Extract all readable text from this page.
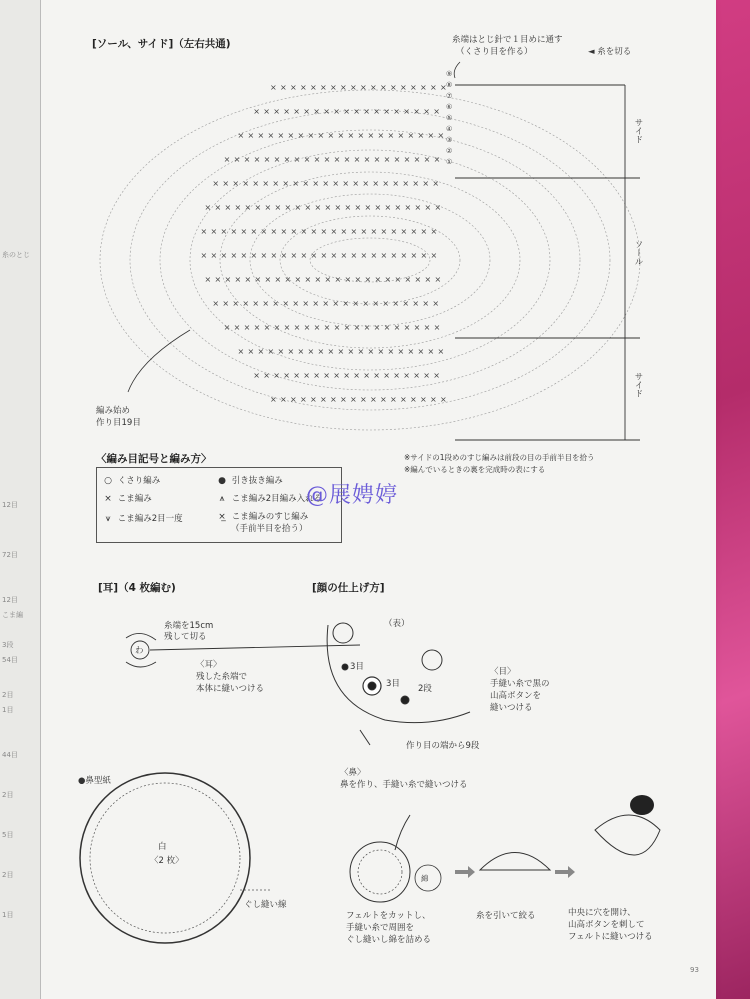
糸のとじ
12目
72目
12目
こま編
3段
54目
2目
1目
44目
2目
5目
2目
1目
× × × × × × × × × × × × × × × × × ×
× × × × × × × × × × × × × × × × × × ×
× × × × × × × × × × × × × × × × × × × × ×
× × × × × × × × × × × × × × × × × × × × × ×
× × × × × × × × × × × × × × × × × × × × × × ×
× × × × × × × × × × × × × × × × × × × × × × × ×
× × × × × × × × × × × × × × × × × × × × × × × ×
× × × × × × × × × × × × × × × × × × × × × × × ×
× × × × × × × × × × × × × × × × × × × × × × × ×
× × × × × × × × × × × × × × × × × × × × × × ×
× × × × × × × × × × × × × × × × × × × × × ×
× × × × × × × × × × × × × × × × × × × × ×
× × × × × × × × × × × × × × × × × × ×
× × × × × × × × × × × × × × × × × ×
⑨
⑧
⑦
⑥
⑤
④
③
②
①
[ソール、サイド]（左右共通)	糸端はとじ針で１目めに通す
（くさり目を作る）	◄ 糸を切る
サイド
ソール
サイド
編み始め
作り目19目
※サイドの1段めのすじ編みは前段の目の手前半目を拾う
※編んでいるときの裏を完成時の表にする
〈編み目記号と編み方〉
○ くさり編み	● 引き抜き編み
× こま編み	⩚ こま編み2目編み入れる
⩛ こま編み2目一度	×̲ こま編みのすじ編み
（手前半目を拾う）
@展娉婷
[耳]（4 枚編む)
糸端を15cm
残して切る
わ
〈耳〉
残した糸端で
本体に縫いつける
[顔の仕上げ方]
（表）
3目
3目 2段
〈目〉
手縫い糸で黒の
山高ボタンを
縫いつける
作り目の端から9段
〈鼻〉
鼻を作り、手縫い糸で縫いつける
●鼻型紙
白
〈2 枚〉
ぐし縫い線
綿
フェルトをカットし、
手縫い糸で周囲を
ぐし縫いし綿を詰める
糸を引いて絞る	中央に穴を開け、
山高ボタンを刺して
フェルトに縫いつける
93
